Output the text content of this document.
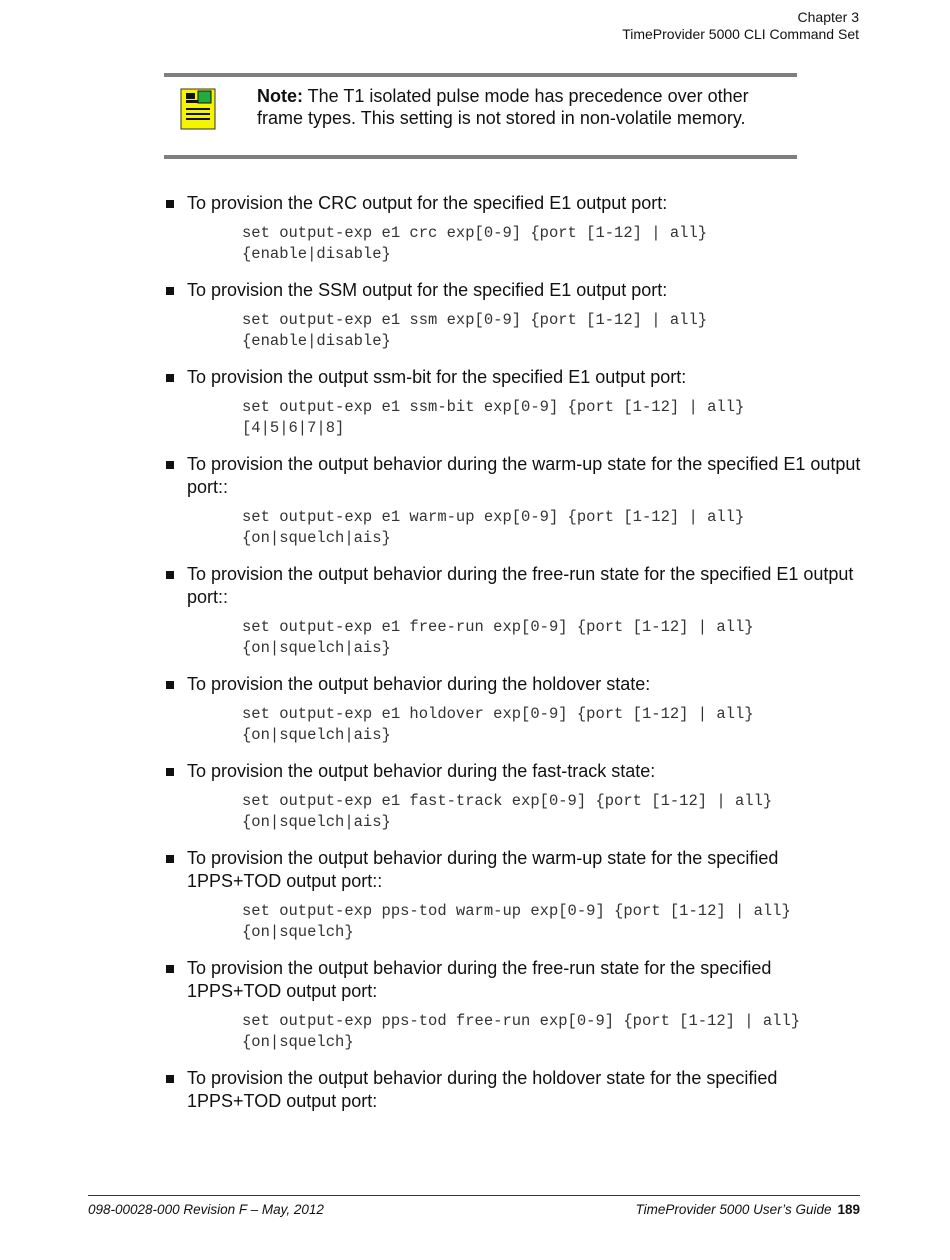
Chapter 3
TimeProvider 5000 CLI Command Set
Note: The T1 isolated pulse mode has precedence over other frame types. This setting is not stored in non-volatile memory.
To provision the CRC output for the specified E1 output port:
set output-exp e1 crc exp[0-9] {port [1-12] | all}
{enable|disable}
To provision the SSM output for the specified E1 output port:
set output-exp e1 ssm exp[0-9] {port [1-12] | all}
{enable|disable}
To provision the output ssm-bit for the specified E1 output port:
set output-exp e1 ssm-bit exp[0-9] {port [1-12] | all}
[4|5|6|7|8]
To provision the output behavior during the warm-up state for the specified E1 output port::
set output-exp e1 warm-up exp[0-9] {port [1-12] | all}
{on|squelch|ais}
To provision the output behavior during the free-run state for the specified E1 output port::
set output-exp e1 free-run exp[0-9] {port [1-12] | all}
{on|squelch|ais}
To provision the output behavior during the holdover state:
set output-exp e1 holdover exp[0-9] {port [1-12] | all}
{on|squelch|ais}
To provision the output behavior during the fast-track state:
set output-exp e1 fast-track exp[0-9] {port [1-12] | all}
{on|squelch|ais}
To provision the output behavior during the warm-up state for the specified 1PPS+TOD output port::
set output-exp pps-tod warm-up exp[0-9] {port [1-12] | all}
{on|squelch}
To provision the output behavior during the free-run state for the specified 1PPS+TOD output port:
set output-exp pps-tod free-run exp[0-9] {port [1-12] | all}
{on|squelch}
To provision the output behavior during the holdover state for the specified 1PPS+TOD output port:
098-00028-000 Revision F – May, 2012	TimeProvider 5000 User’s Guide 189
